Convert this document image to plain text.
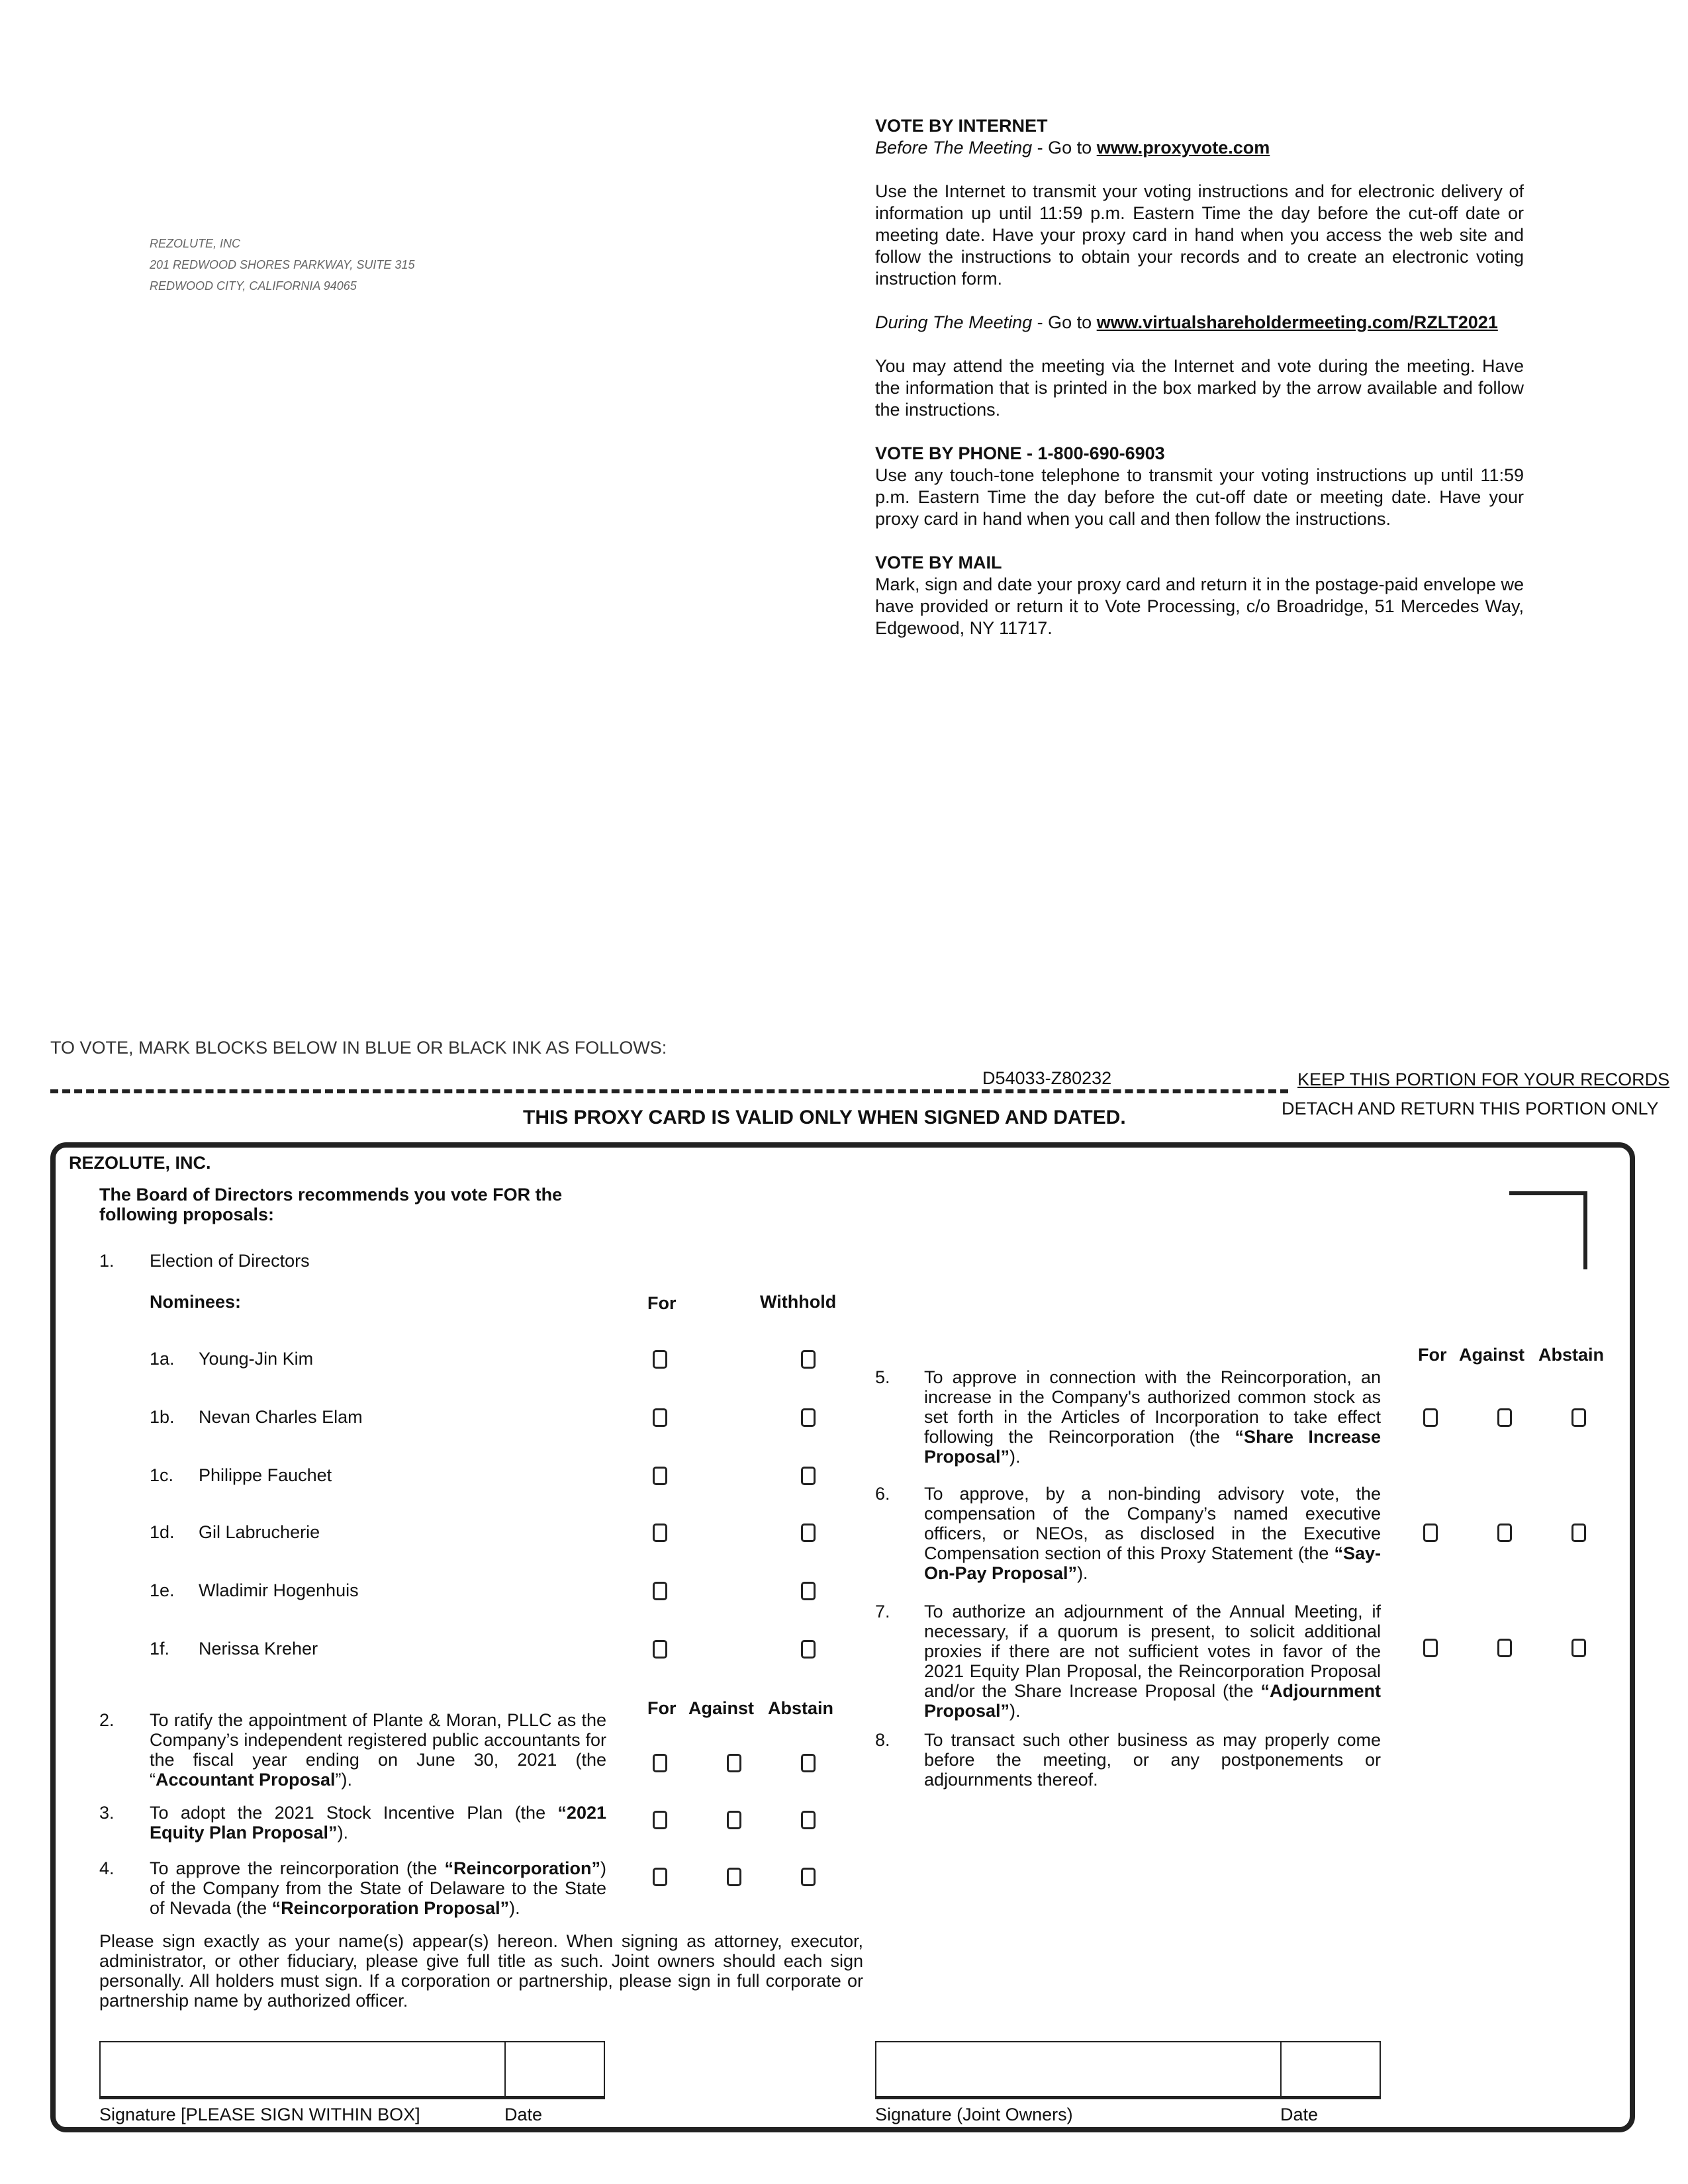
REZOLUTE, INC
201 REDWOOD SHORES PARKWAY, SUITE 315
REDWOOD CITY, CALIFORNIA 94065
VOTE BY INTERNET

Before The Meeting - Go to www.proxyvote.com

Use the Internet to transmit your voting instructions and for electronic delivery of information up until 11:59 p.m. Eastern Time the day before the cut-off date or meeting date. Have your proxy card in hand when you access the web site and follow the instructions to obtain your records and to create an electronic voting instruction form.

During The Meeting - Go to www.virtualshareholdermeeting.com/RZLT2021

You may attend the meeting via the Internet and vote during the meeting. Have the information that is printed in the box marked by the arrow available and follow the instructions.

VOTE BY PHONE - 1-800-690-6903

Use any touch-tone telephone to transmit your voting instructions up until 11:59 p.m. Eastern Time the day before the cut-off date or meeting date. Have your proxy card in hand when you call and then follow the instructions.

VOTE BY MAIL

Mark, sign and date your proxy card and return it in the postage-paid envelope we have provided or return it to Vote Processing, c/o Broadridge, 51 Mercedes Way, Edgewood, NY 11717.

TO VOTE, MARK BLOCKS BELOW IN BLUE OR BLACK INK AS FOLLOWS:
D54033-Z80232	KEEP THIS PORTION FOR YOUR RECORDS
THIS PROXY CARD IS VALID ONLY WHEN SIGNED AND DATED.	DETACH AND RETURN THIS PORTION ONLY
REZOLUTE, INC.
The Board of Directors recommends you vote FOR the
following proposals:
1. Election of Directors
Nominees:	For	Withhold
1a. Young-Jin Kim
1b. Nevan Charles Elam
1c. Philippe Fauchet
1d. Gil Labrucherie
1e. Wladimir Hogenhuis
1f. Nerissa Kreher
For Against Abstain
2. To ratify the appointment of Plante & Moran, PLLC as the Company’s independent registered public accountants for the fiscal year ending on June 30, 2021 (the “Accountant Proposal”).
3. To adopt the 2021 Stock Incentive Plan (the “2021 Equity Plan Proposal”).
4. To approve the reincorporation (the “Reincorporation”) of the Company from the State of Delaware to the State of Nevada (the “Reincorporation Proposal”).
For Against Abstain
5. To approve in connection with the Reincorporation, an increase in the Company's authorized common stock as set forth in the Articles of Incorporation to take effect following the Reincorporation (the “Share Increase Proposal”).
6. To approve, by a non-binding advisory vote, the compensation of the Company’s named executive officers, or NEOs, as disclosed in the Executive Compensation section of this Proxy Statement (the “Say-On-Pay Proposal”).
7. To authorize an adjournment of the Annual Meeting, if necessary, if a quorum is present, to solicit additional proxies if there are not sufficient votes in favor of the 2021 Equity Plan Proposal, the Reincorporation Proposal and/or the Share Increase Proposal (the “Adjournment Proposal”).
8. To transact such other business as may properly come before the meeting, or any postponements or adjournments thereof.
Please sign exactly as your name(s) appear(s) hereon. When signing as attorney, executor, administrator, or other fiduciary, please give full title as such. Joint owners should each sign personally. All holders must sign. If a corporation or partnership, please sign in full corporate or partnership name by authorized officer.
Signature [PLEASE SIGN WITHIN BOX]	Date	Signature (Joint Owners)	Date
